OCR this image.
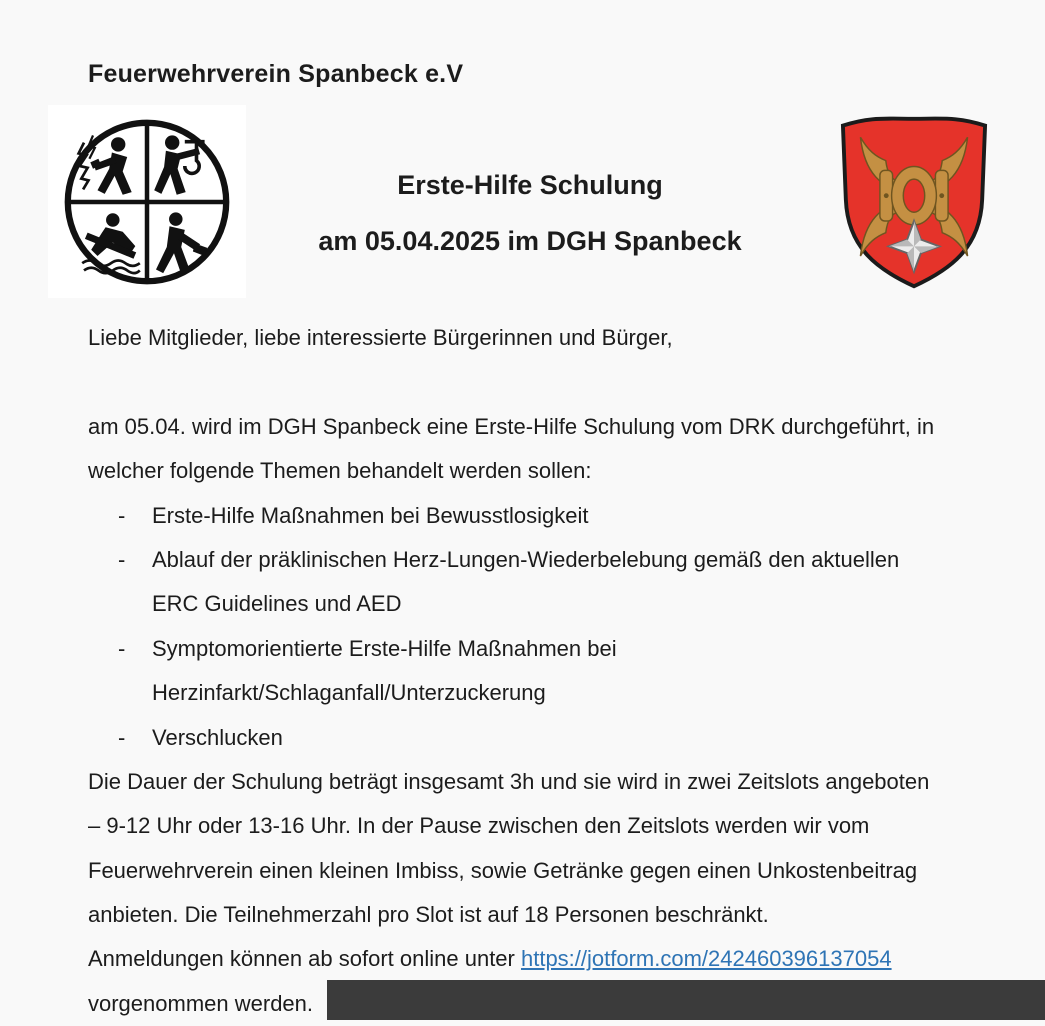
Feuerwehrverein Spanbeck e.V
Erste-Hilfe Schulung
am 05.04.2025 im DGH Spanbeck
Liebe Mitglieder, liebe interessierte Bürgerinnen und Bürger,
am 05.04. wird im DGH Spanbeck eine Erste-Hilfe Schulung vom DRK durchgeführt, in
welcher folgende Themen behandelt werden sollen:
- Erste-Hilfe Maßnahmen bei Bewusstlosigkeit
- Ablauf der präklinischen Herz-Lungen-Wiederbelebung gemäß den aktuellen
ERC Guidelines und AED
- Symptomorientierte Erste-Hilfe Maßnahmen bei
Herzinfarkt/Schlaganfall/Unterzuckerung
- Verschlucken
Die Dauer der Schulung beträgt insgesamt 3h und sie wird in zwei Zeitslots angeboten
– 9-12 Uhr oder 13-16 Uhr. In der Pause zwischen den Zeitslots werden wir vom
Feuerwehrverein einen kleinen Imbiss, sowie Getränke gegen einen Unkostenbeitrag
anbieten. Die Teilnehmerzahl pro Slot ist auf 18 Personen beschränkt.
Anmeldungen können ab sofort online unter https://jotform.com/242460396137054
vorgenommen werden.
